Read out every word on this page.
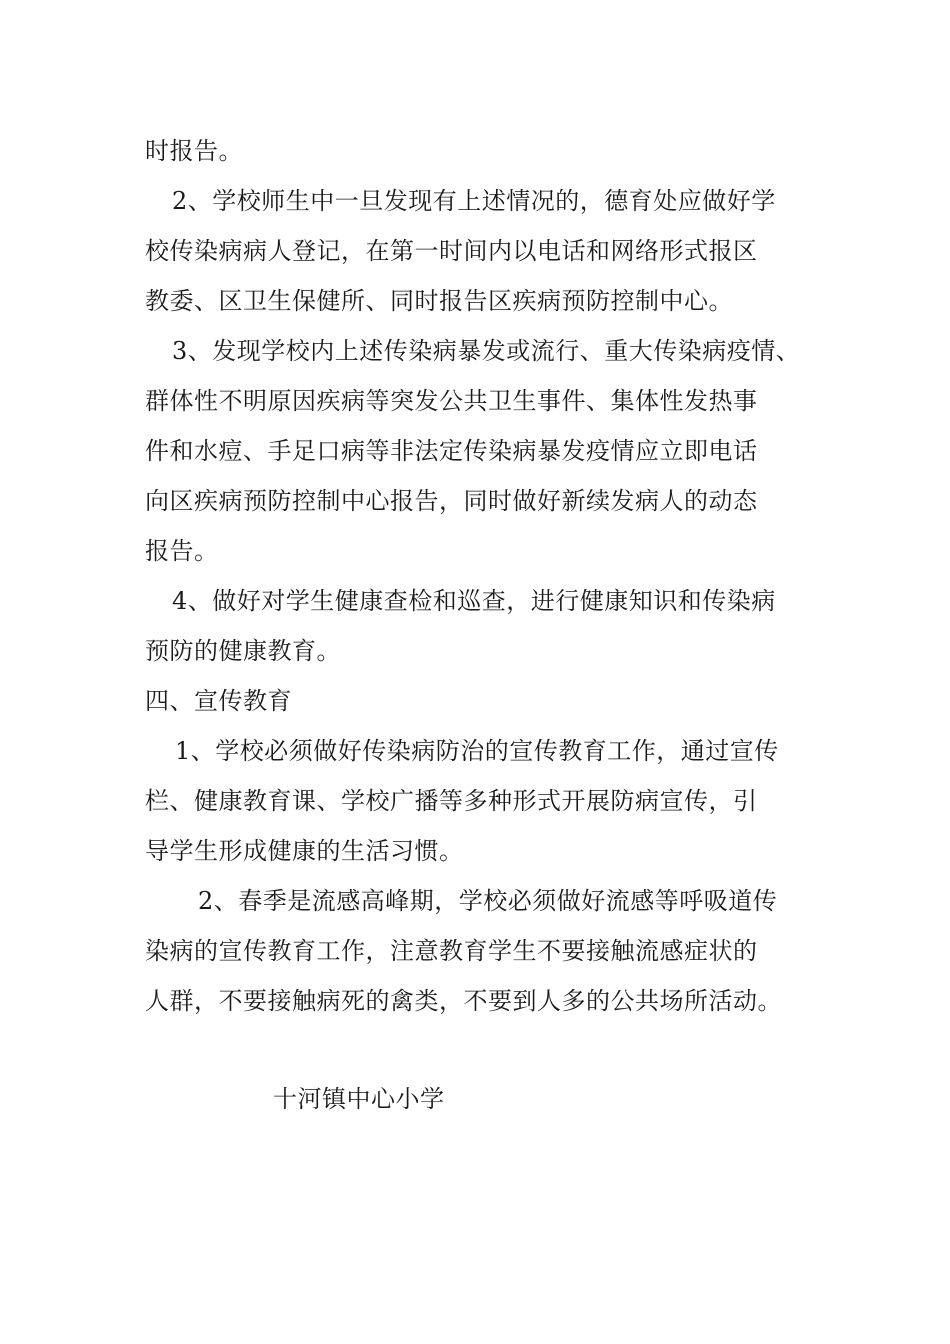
时报告。
2、学校师生中一旦发现有上述情况的，德育处应做好学
校传染病病人登记，在第一时间内以电话和网络形式报区
教委、区卫生保健所、同时报告区疾病预防控制中心。
3、发现学校内上述传染病暴发或流行、重大传染病疫情、
群体性不明原因疾病等突发公共卫生事件、集体性发热事
件和水痘、手足口病等非法定传染病暴发疫情应立即电话
向区疾病预防控制中心报告，同时做好新续发病人的动态
报告。
4、做好对学生健康查检和巡查，进行健康知识和传染病
预防的健康教育。
四、宣传教育
1、学校必须做好传染病防治的宣传教育工作，通过宣传
栏、健康教育课、学校广播等多种形式开展防病宣传，引
导学生形成健康的生活习惯。
2、春季是流感高峰期，学校必须做好流感等呼吸道传
染病的宣传教育工作，注意教育学生不要接触流感症状的
人群，不要接触病死的禽类，不要到人多的公共场所活动。
十河镇中心小学
